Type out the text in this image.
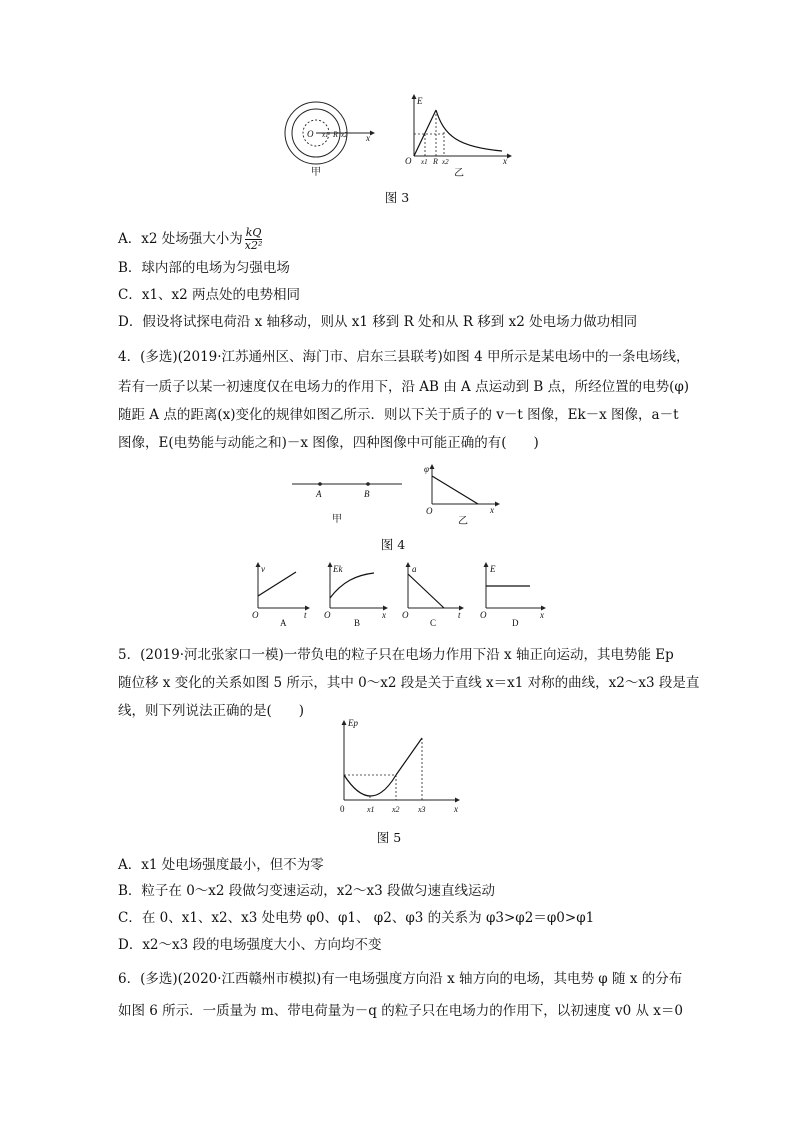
O x1 R x2 x
甲
E
O x1 R x2	x
乙
图 3
A．x2 处场强大小为 $\frac{kQ}{\text{x2²}}$
B．球内部的电场为匀强电场
C．x1、x2 两点处的电势相同
D．假设将试探电荷沿 x 轴移动，则从 x1 移到 R 处和从 R 移到 x2 处电场力做功相同
4．(多选)(2019·江苏通州区、海门市、启东三县联考)如图 4 甲所示是某电场中的一条电场线，
若有一质子以某一初速度仅在电场力的作用下，沿 AB 由 A 点运动到 B 点，所经位置的电势(φ)
随距 A 点的距离(x)变化的规律如图乙所示．则以下关于质子的 v－t 图像，Ek－x 图像，a－t
图像，E(电势能与动能之和)－x 图像，四种图像中可能正确的有(　　)
A	B
甲
φ
O	x
乙
图 4
v
O	t
A
Ek
O	x
B
a
O	t
C
E
O	x
D
5．(2019·河北张家口一模)一带负电的粒子只在电场力作用下沿 x 轴正向运动，其电势能 Ep
随位移 x 变化的关系如图 5 所示，其中 0～x2 段是关于直线 x＝x1 对称的曲线，x2～x3 段是直
线，则下列说法正确的是(　　)
Ep
0	x1 x2 x3	x
图 5
A．x1 处电场强度最小，但不为零
B．粒子在 0～x2 段做匀变速运动，x2～x3 段做匀速直线运动
C．在 0、x1、x2、x3 处电势 φ0、φ1、 φ2、φ3 的关系为 φ3>φ2＝φ0>φ1
D．x2～x3 段的电场强度大小、方向均不变
6．(多选)(2020·江西赣州市模拟)有一电场强度方向沿 x 轴方向的电场，其电势 φ 随 x 的分布
如图 6 所示．一质量为 m、带电荷量为－q 的粒子只在电场力的作用下，以初速度 v0 从 x＝0
